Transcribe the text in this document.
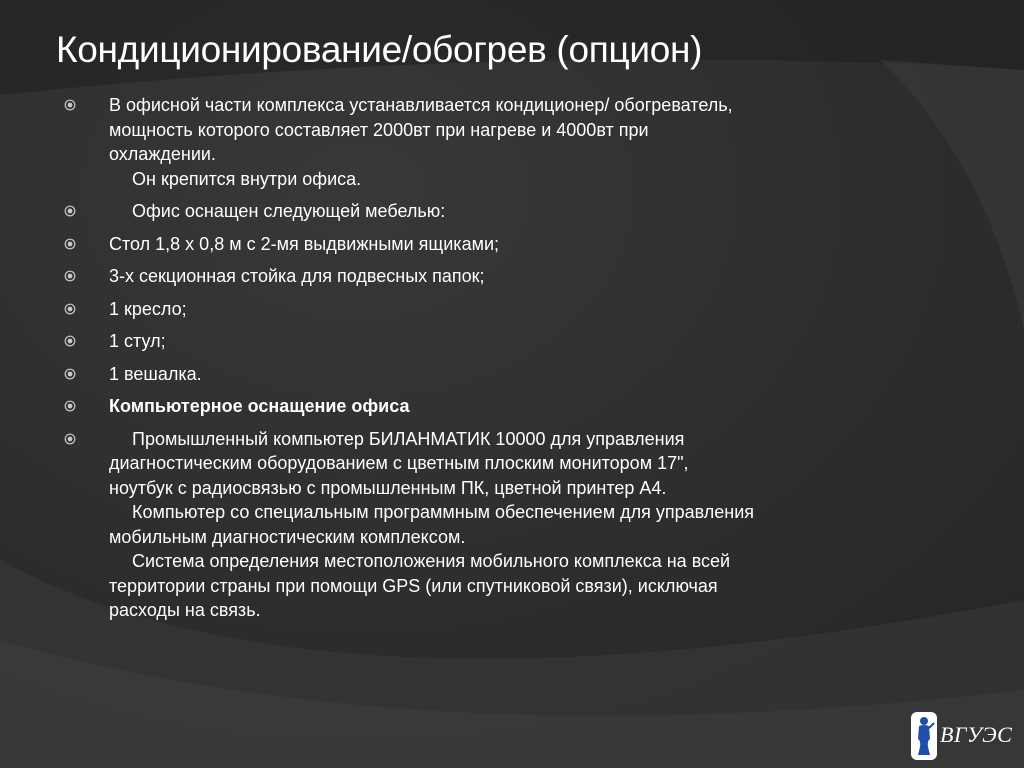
Кондиционирование/обогрев (опцион)
В офисной части комплекса устанавливается кондиционер/ обогреватель,
мощность которого составляет 2000вт при нагреве и 4000вт при
охлаждении.
Он крепится внутри офиса.
Офис оснащен следующей мебелью:
Стол 1,8 х 0,8 м с 2-мя выдвижными ящиками;
3-х секционная стойка для подвесных папок;
1 кресло;
1 стул;
1 вешалка.
Компьютерное оснащение офиса
Промышленный компьютер БИЛАНМАТИК 10000 для управления
диагностическим оборудованием с цветным плоским монитором 17",
ноутбук с радиосвязью с промышленным ПК, цветной принтер А4.
Компьютер со специальным программным обеспечением для управления
мобильным диагностическим комплексом.
Система определения местоположения мобильного комплекса на всей
территории страны при помощи GPS (или спутниковой связи), исключая
расходы на связь.
ВГУЭС
